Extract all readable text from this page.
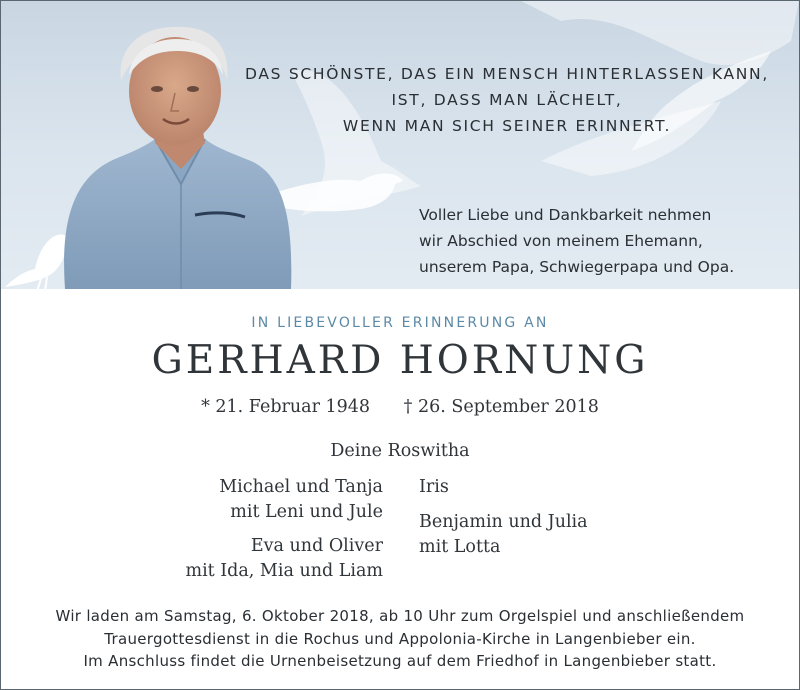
DAS SCHÖNSTE, DAS EIN MENSCH HINTERLASSEN KANN,
IST, DASS MAN LÄCHELT,
WENN MAN SICH SEINER ERINNERT.
Voller Liebe und Dankbarkeit nehmen
wir Abschied von meinem Ehemann,
unserem Papa, Schwiegerpapa und Opa.
IN LIEBEVOLLER ERINNERUNG AN
GERHARD HORNUNG
* 21. Februar 1948 † 26. September 2018
Deine Roswitha
Michael und Tanja
mit Leni und Jule
Eva und Oliver
mit Ida, Mia und Liam
Iris
Benjamin und Julia
mit Lotta
Wir laden am Samstag, 6. Oktober 2018, ab 10 Uhr zum Orgelspiel und anschließendem
Trauergottesdienst in die Rochus und Appolonia-Kirche in Langenbieber ein.
Im Anschluss findet die Urnenbeisetzung auf dem Friedhof in Langenbieber statt.
